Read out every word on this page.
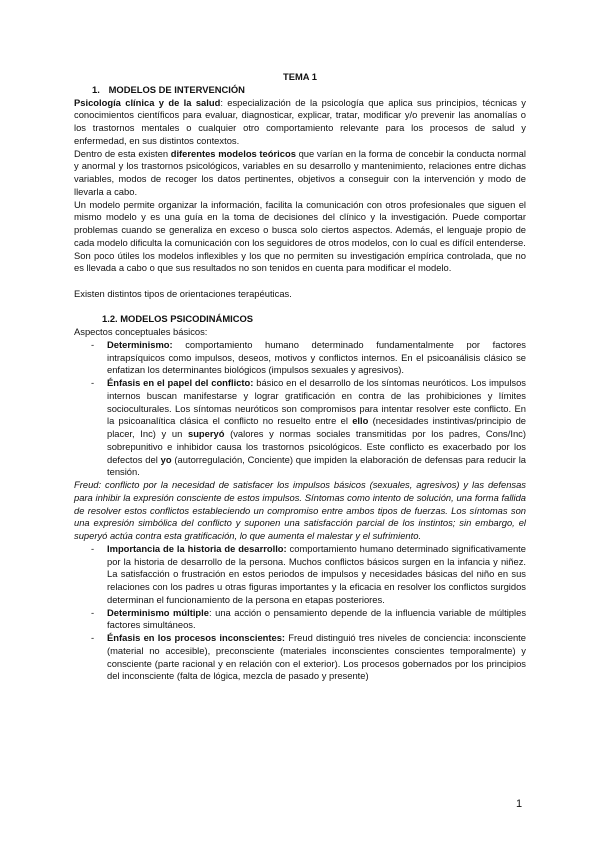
TEMA 1

1. MODELOS DE INTERVENCIÓN

Psicología clínica y de la salud: especialización de la psicología que aplica sus principios, técnicas y conocimientos científicos para evaluar, diagnosticar, explicar, tratar, modificar y/o prevenir las anomalías o los trastornos mentales o cualquier otro comportamiento relevante para los procesos de salud y enfermedad, en sus distintos contextos.

Dentro de esta existen diferentes modelos teóricos que varían en la forma de concebir la conducta normal y anormal y los trastornos psicológicos, variables en su desarrollo y mantenimiento, relaciones entre dichas variables, modos de recoger los datos pertinentes, objetivos a conseguir con la intervención y modo de llevarla a cabo.

Un modelo permite organizar la información, facilita la comunicación con otros profesionales que siguen el mismo modelo y es una guía en la toma de decisiones del clínico y la investigación. Puede comportar problemas cuando se generaliza en exceso o busca solo ciertos aspectos. Además, el lenguaje propio de cada modelo dificulta la comunicación con los seguidores de otros modelos, con lo cual es difícil entenderse.

Son poco útiles los modelos inflexibles y los que no permiten su investigación empírica controlada, que no es llevada a cabo o que sus resultados no son tenidos en cuenta para modificar el modelo.

Existen distintos tipos de orientaciones terapéuticas.

1.2. MODELOS PSICODINÁMICOS

Aspectos conceptuales básicos:

- Determinismo: comportamiento humano determinado fundamentalmente por factores intrapsíquicos como impulsos, deseos, motivos y conflictos internos. En el psicoanálisis clásico se enfatizan los determinantes biológicos (impulsos sexuales y agresivos).
- Énfasis en el papel del conflicto: básico en el desarrollo de los síntomas neuróticos. Los impulsos internos buscan manifestarse y lograr gratificación en contra de las prohibiciones y límites socioculturales. Los síntomas neuróticos son compromisos para intentar resolver este conflicto. En la psicoanalítica clásica el conflicto no resuelto entre el ello (necesidades instintivas/principio de placer, Inc) y un superyó (valores y normas sociales transmitidas por los padres, Cons/Inc) sobrepunitivo e inhibidor causa los trastornos psicológicos. Este conflicto es exacerbado por los defectos del yo (autorregulación, Conciente) que impiden la elaboración de defensas para reducir la tensión.

Freud: conflicto por la necesidad de satisfacer los impulsos básicos (sexuales, agresivos) y las defensas para inhibir la expresión consciente de estos impulsos. Síntomas como intento de solución, una forma fallida de resolver estos conflictos estableciendo un compromiso entre ambos tipos de fuerzas. Los síntomas son una expresión simbólica del conflicto y suponen una satisfacción parcial de los instintos; sin embargo, el superyó actúa contra esta gratificación, lo que aumenta el malestar y el sufrimiento.

- Importancia de la historia de desarrollo: comportamiento humano determinado significativamente por la historia de desarrollo de la persona. Muchos conflictos básicos surgen en la infancia y niñez. La satisfacción o frustración en estos periodos de impulsos y necesidades básicas del niño en sus relaciones con los padres u otras figuras importantes y la eficacia en resolver los conflictos surgidos determinan el funcionamiento de la persona en etapas posteriores.
- Determinismo múltiple: una acción o pensamiento depende de la influencia variable de múltiples factores simultáneos.
- Énfasis en los procesos inconscientes: Freud distinguió tres niveles de conciencia: inconsciente (material no accesible), preconsciente (materiales inconscientes conscientes temporalmente) y consciente (parte racional y en relación con el exterior). Los procesos gobernados por los principios del inconsciente (falta de lógica, mezcla de pasado y presente)
1
